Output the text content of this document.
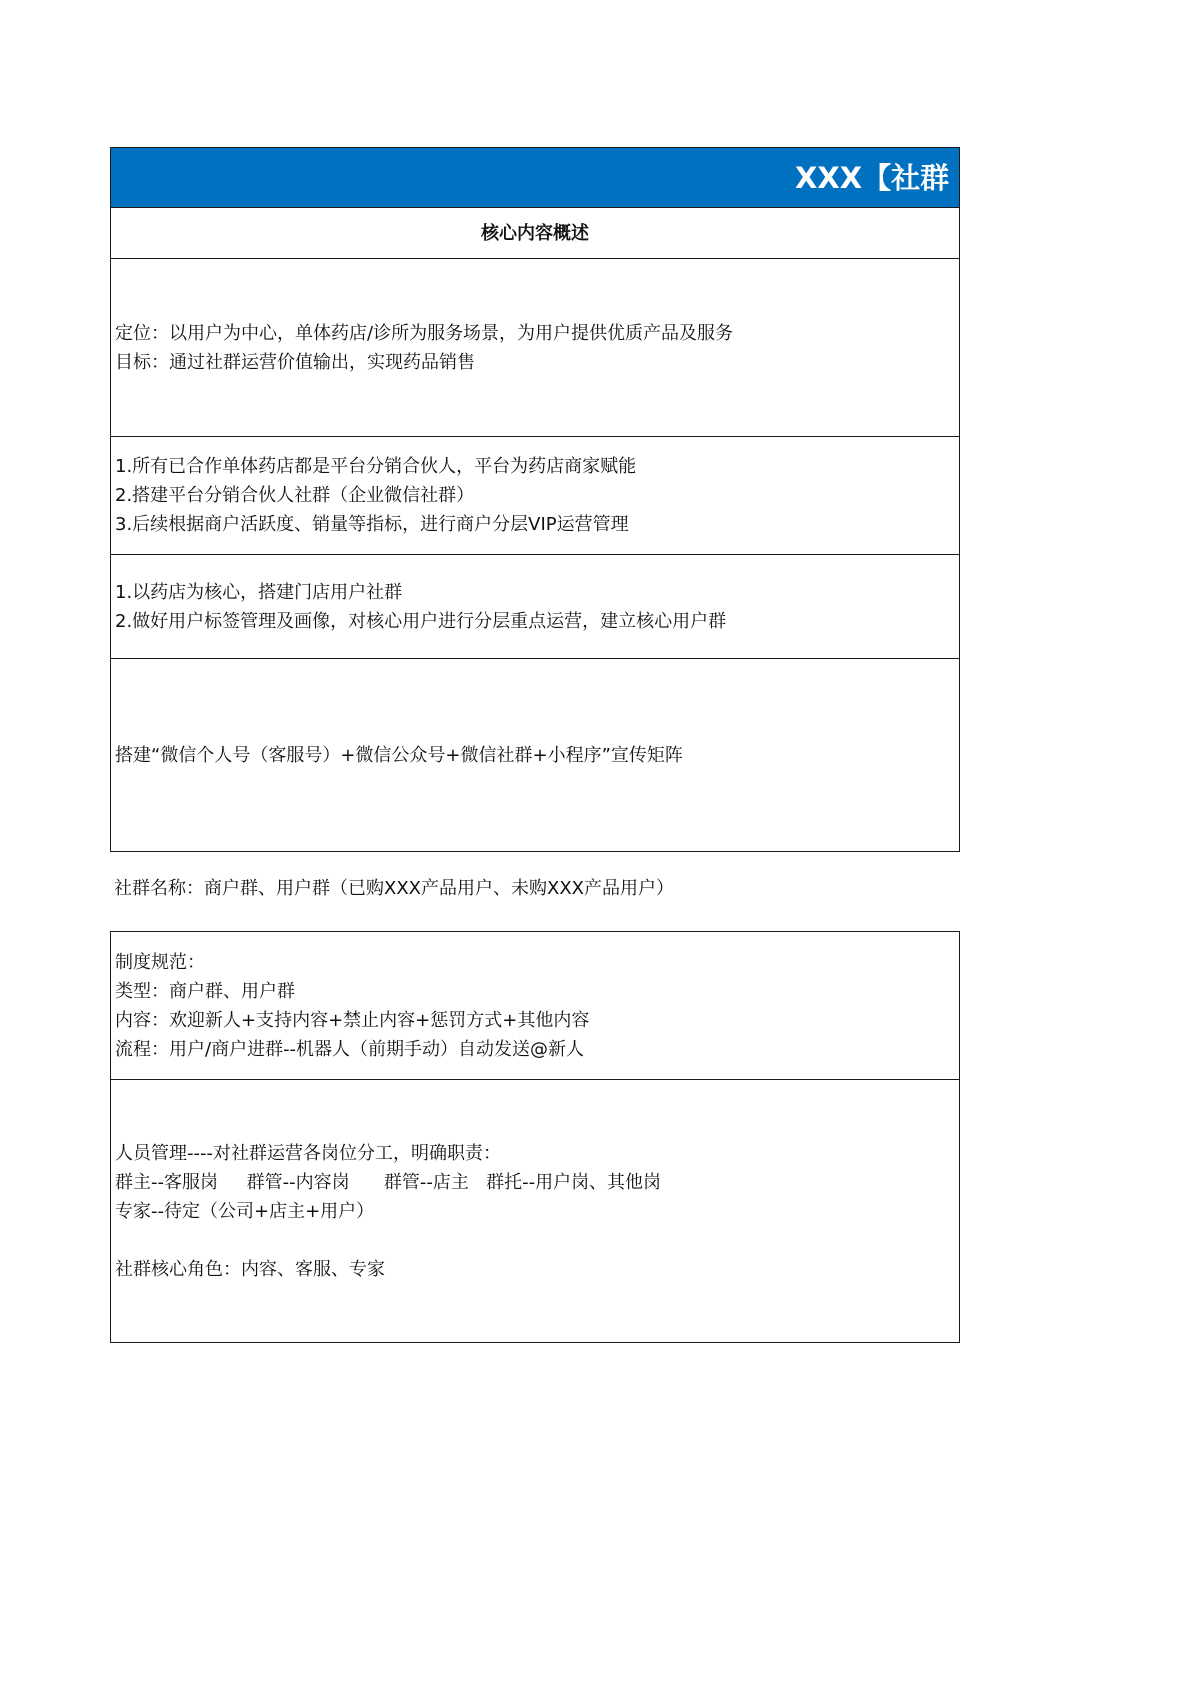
XXX【社群
核心内容概述
定位：以用户为中心，单体药店/诊所为服务场景，为用户提供优质产品及服务
目标：通过社群运营价值输出，实现药品销售
1.所有已合作单体药店都是平台分销合伙人，平台为药店商家赋能
2.搭建平台分销合伙人社群（企业微信社群）
3.后续根据商户活跃度、销量等指标，进行商户分层VIP运营管理
1.以药店为核心，搭建门店用户社群
2.做好用户标签管理及画像，对核心用户进行分层重点运营，建立核心用户群
搭建“微信个人号（客服号）+微信公众号+微信社群+小程序”宣传矩阵
社群名称：商户群、用户群（已购XXX产品用户、未购XXX产品用户）
制度规范：
类型：商户群、用户群
内容：欢迎新人+支持内容+禁止内容+惩罚方式+其他内容
流程：用户/商户进群--机器人（前期手动）自动发送@新人
人员管理----对社群运营各岗位分工，明确职责：
群主--客服岗     群管--内容岗      群管--店主   群托--用户岗、其他岗
专家--待定（公司+店主+用户）
社群核心角色：内容、客服、专家
